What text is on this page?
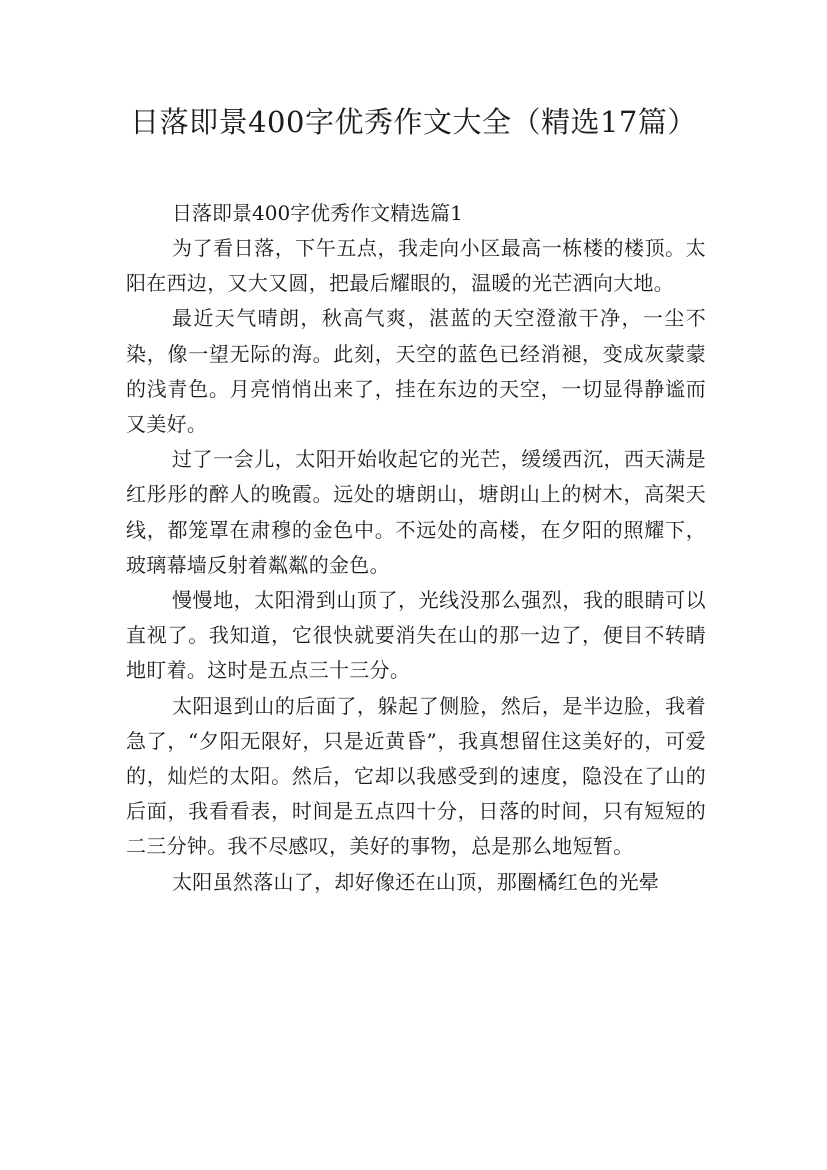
日落即景400字优秀作文大全（精选17篇）

日落即景400字优秀作文精选篇1

为了看日落，下午五点，我走向小区最高一栋楼的楼顶。太阳在西边，又大又圆，把最后耀眼的，温暖的光芒洒向大地。

最近天气晴朗，秋高气爽，湛蓝的天空澄澈干净，一尘不染，像一望无际的海。此刻，天空的蓝色已经消褪，变成灰蒙蒙的浅青色。月亮悄悄出来了，挂在东边的天空，一切显得静谧而又美好。

过了一会儿，太阳开始收起它的光芒，缓缓西沉，西天满是红彤彤的醉人的晚霞。远处的塘朗山，塘朗山上的树木，高架天线，都笼罩在肃穆的金色中。不远处的高楼，在夕阳的照耀下，玻璃幕墙反射着粼粼的金色。

慢慢地，太阳滑到山顶了，光线没那么强烈，我的眼睛可以直视了。我知道，它很快就要消失在山的那一边了，便目不转睛地盯着。这时是五点三十三分。

太阳退到山的后面了，躲起了侧脸，然后，是半边脸，我着急了，“夕阳无限好，只是近黄昏”，我真想留住这美好的，可爱的，灿烂的太阳。然后，它却以我感受到的速度，隐没在了山的后面，我看看表，时间是五点四十分，日落的时间，只有短短的二三分钟。我不尽感叹，美好的事物，总是那么地短暂。

太阳虽然落山了，却好像还在山顶，那圈橘红色的光晕
